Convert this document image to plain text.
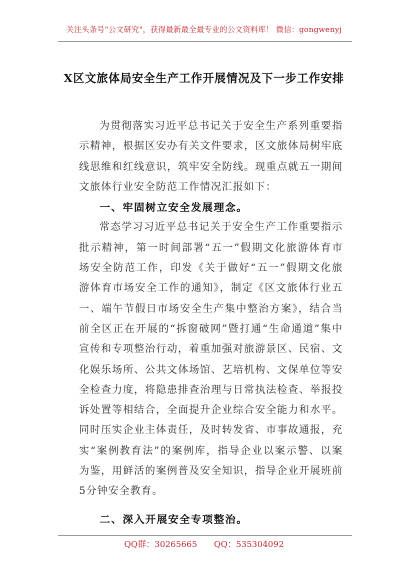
关注头条号"公文研究"，获得最新最全最专业的公文资料库！ 微信：gongwenyj
X区文旅体局安全生产工作开展情况及下一步工作安排

为贯彻落实习近平总书记关于安全生产系列重要指示精神，根据区安办有关文件要求，区文旅体局树牢底线思维和红线意识，筑牢安全防线。现重点就五一期间文旅体行业安全防范工作情况汇报如下：

一、牢固树立安全发展理念。

常态学习习近平总书记关于安全生产工作重要指示批示精神，第一时间部署“五一”假期文化旅游体育市场安全防范工作，印发《关于做好“五一”假期文化旅游体育市场安全工作的通知》，制定《区文旅体行业五一、端午节假日市场安全生产集中整治方案》，结合当前全区正在开展的“拆窗破网”暨打通“生命通道”集中宣传和专项整治行动，着重加强对旅游景区、民宿、文化娱乐场所、公共文体场馆、艺培机构、文保单位等安全检查力度，将隐患排查治理与日常执法检查、举报投诉处置等相结合，全面提升企业综合安全能力和水平。同时压实企业主体责任，及时转发省、市事故通报，充实“案例教育法”的案例库，指导企业以案示警、以案为鉴，用鲜活的案例普及安全知识，指导企业开展班前5分钟安全教育。

二、深入开展安全专项整治。

QQ群：30265665 QQ：535304092
